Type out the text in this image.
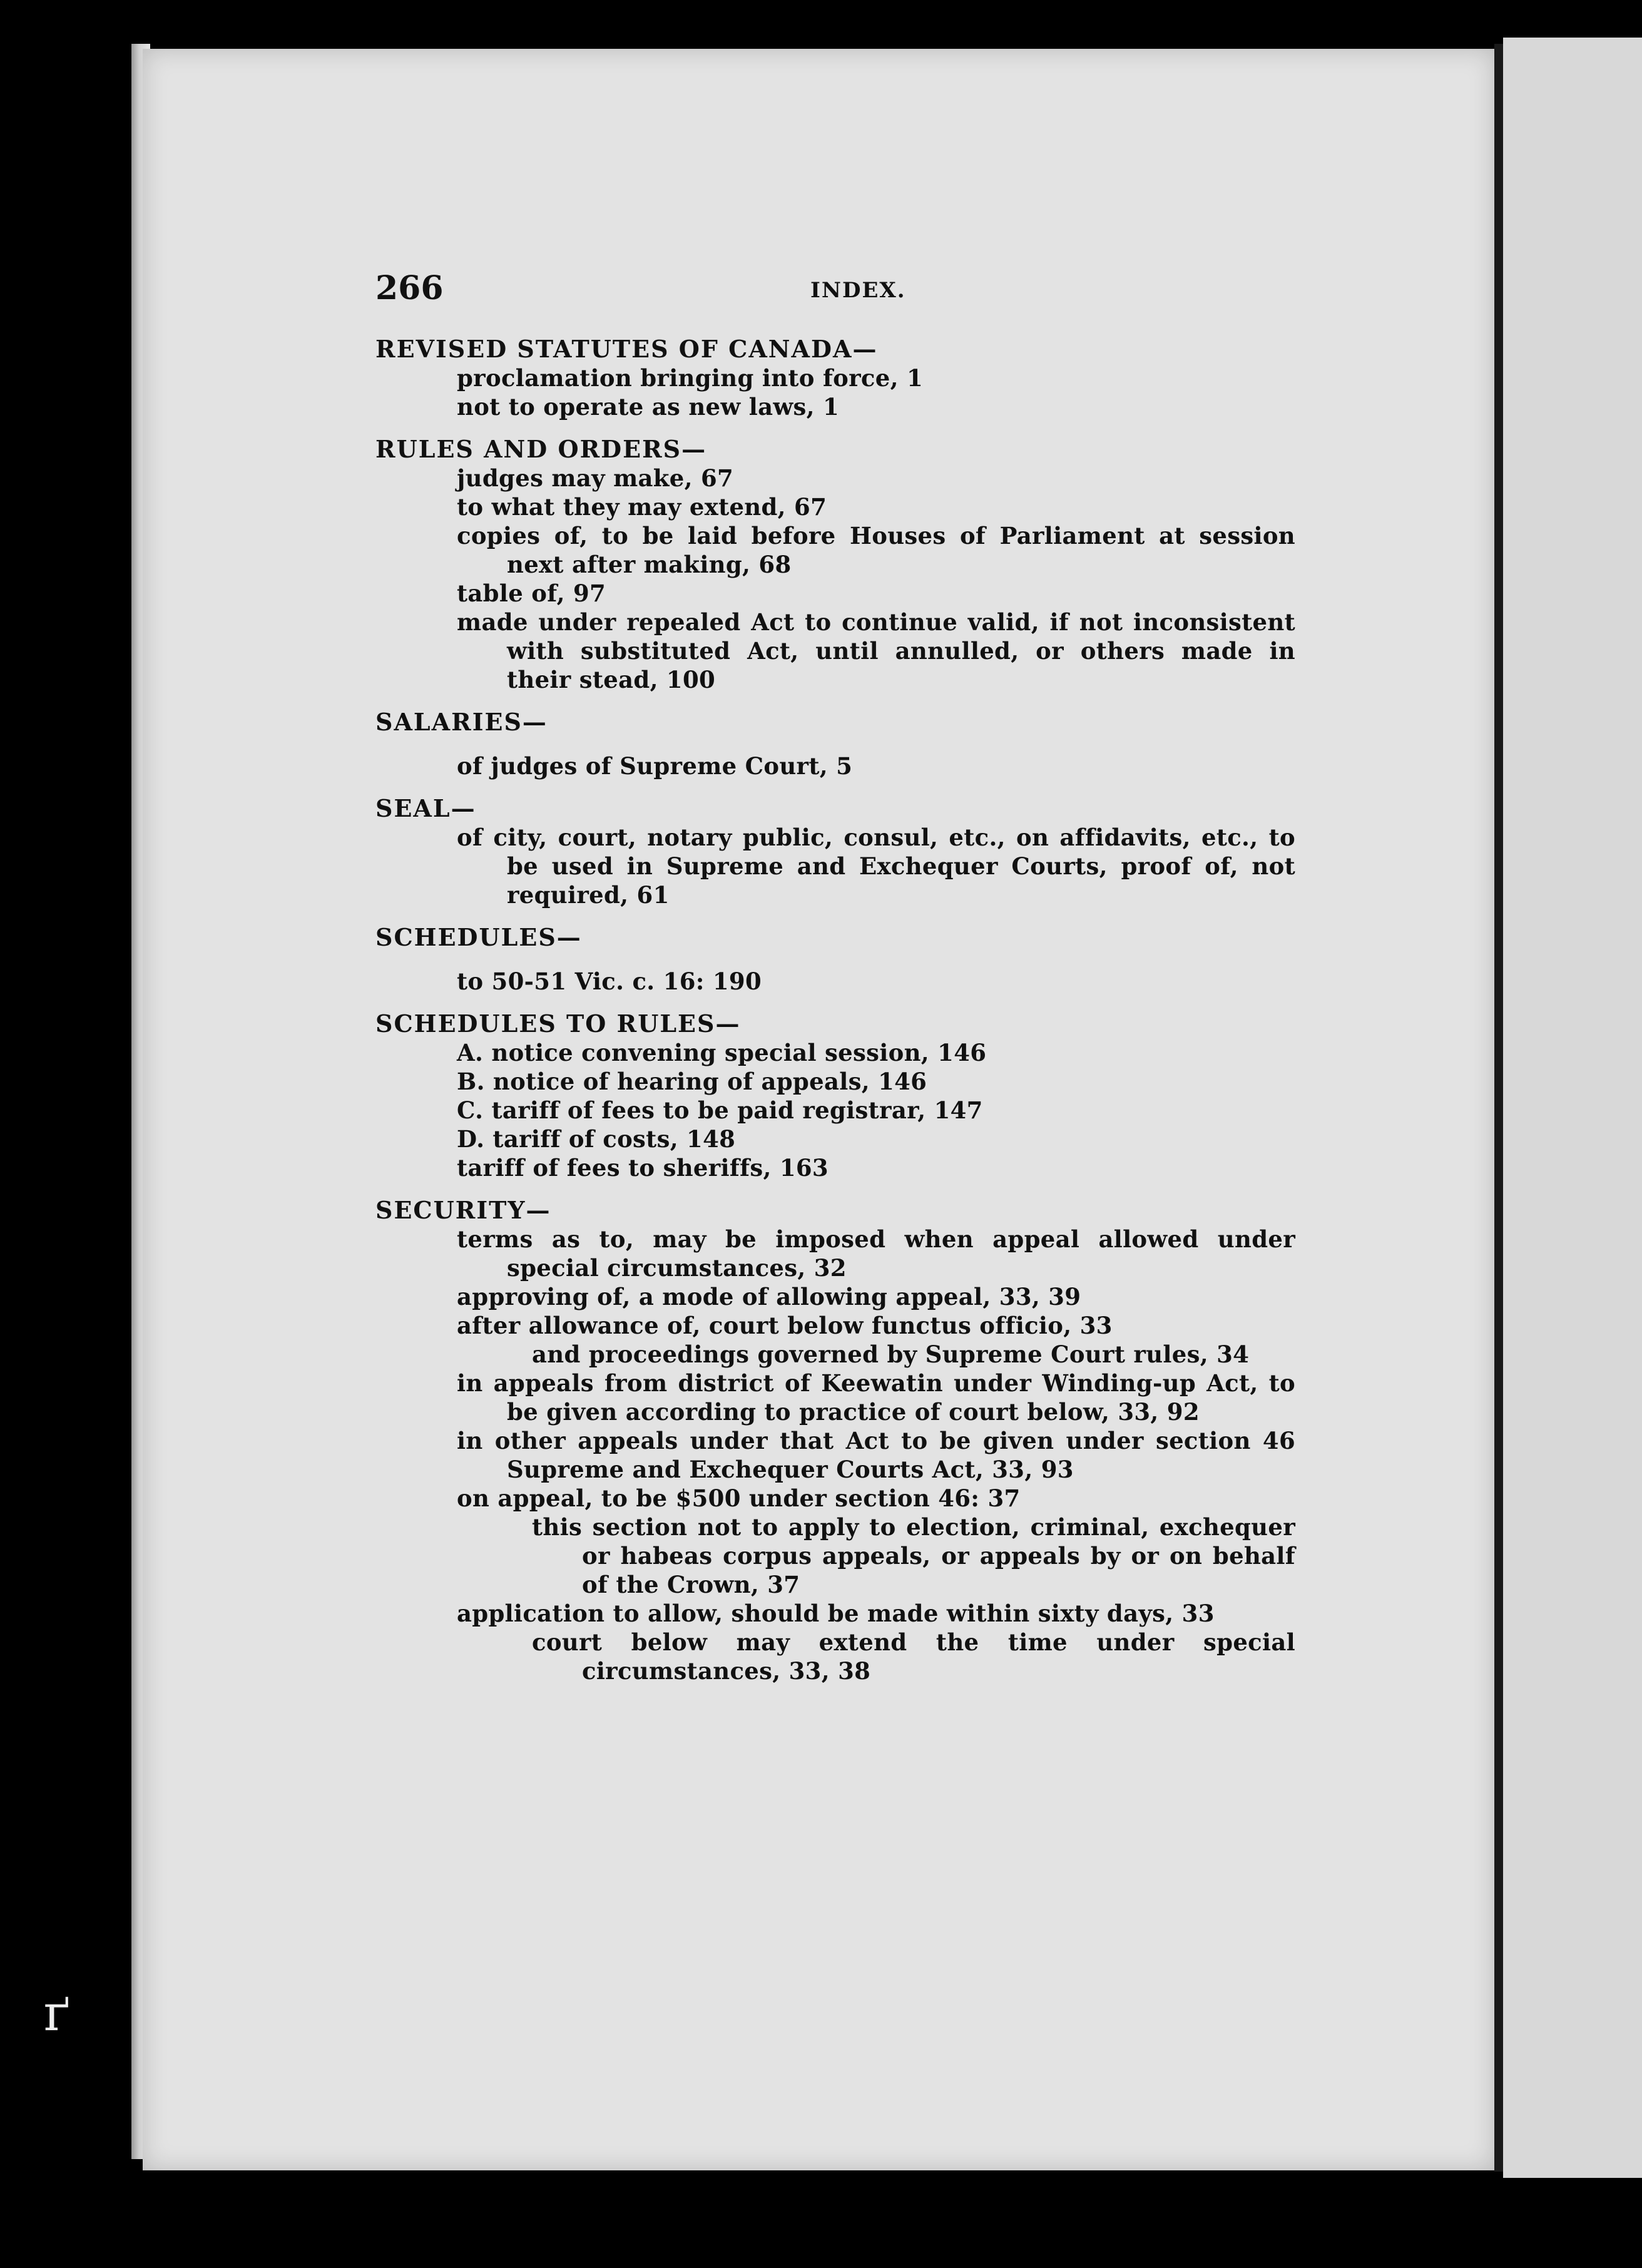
266	INDEX.

REVISED STATUTES OF CANADA—

proclamation bringing into force, 1

not to operate as new laws, 1

RULES AND ORDERS—

judges may make, 67

to what they may extend, 67

copies of, to be laid before Houses of Parliament at session next after making, 68

table of, 97

made under repealed Act to continue valid, if not inconsistent with substituted Act, until annulled, or others made in their stead, 100

SALARIES—

of judges of Supreme Court, 5

SEAL—

of city, court, notary public, consul, etc., on affidavits, etc., to be used in Supreme and Exchequer Courts, proof of, not required, 61

SCHEDULES—

to 50-51 Vic. c. 16: 190

SCHEDULES TO RULES—

A. notice convening special session, 146

B. notice of hearing of appeals, 146

C. tariff of fees to be paid registrar, 147

D. tariff of costs, 148

tariff of fees to sheriffs, 163

SECURITY—

terms as to, may be imposed when appeal allowed under special circumstances, 32

approving of, a mode of allowing appeal, 33, 39

after allowance of, court below functus officio, 33

and proceedings governed by Supreme Court rules, 34

in appeals from district of Keewatin under Winding-up Act, to be given according to practice of court below, 33, 92

in other appeals under that Act to be given under section 46 Supreme and Exchequer Courts Act, 33, 93

on appeal, to be $500 under section 46: 37

this section not to apply to election, criminal, exchequer or habeas corpus appeals, or appeals by or on behalf of the Crown, 37

application to allow, should be made within sixty days, 33

court below may extend the time under special circumstances, 33, 38

ґ
